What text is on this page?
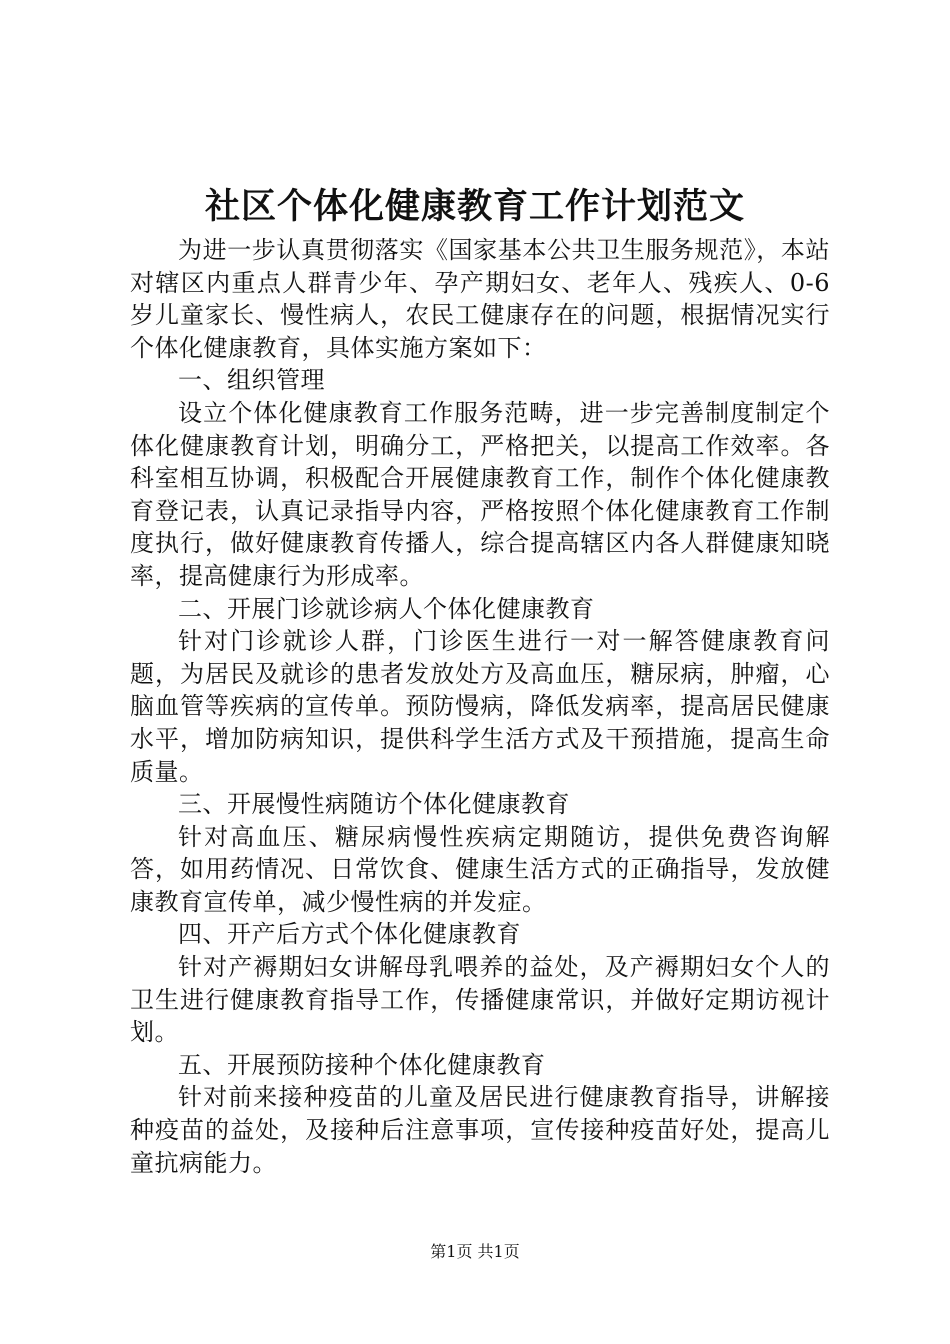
社区个体化健康教育工作计划范文

为进一步认真贯彻落实《国家基本公共卫生服务规范》，本站对辖区内重点人群青少年、孕产期妇女、老年人、残疾人、0-6岁儿童家长、慢性病人，农民工健康存在的问题，根据情况实行个体化健康教育，具体实施方案如下：

一、组织管理

设立个体化健康教育工作服务范畴，进一步完善制度制定个体化健康教育计划，明确分工，严格把关，以提高工作效率。各科室相互协调，积极配合开展健康教育工作，制作个体化健康教育登记表，认真记录指导内容，严格按照个体化健康教育工作制度执行，做好健康教育传播人，综合提高辖区内各人群健康知晓率，提高健康行为形成率。

二、开展门诊就诊病人个体化健康教育

针对门诊就诊人群，门诊医生进行一对一解答健康教育问题，为居民及就诊的患者发放处方及高血压，糖尿病，肿瘤，心脑血管等疾病的宣传单。预防慢病，降低发病率，提高居民健康水平，增加防病知识，提供科学生活方式及干预措施，提高生命质量。

三、开展慢性病随访个体化健康教育

针对高血压、糖尿病慢性疾病定期随访，提供免费咨询解答，如用药情况、日常饮食、健康生活方式的正确指导，发放健康教育宣传单，减少慢性病的并发症。

四、开产后方式个体化健康教育

针对产褥期妇女讲解母乳喂养的益处，及产褥期妇女个人的卫生进行健康教育指导工作，传播健康常识，并做好定期访视计划。

五、开展预防接种个体化健康教育

针对前来接种疫苗的儿童及居民进行健康教育指导，讲解接种疫苗的益处，及接种后注意事项，宣传接种疫苗好处，提高儿童抗病能力。

第1页 共1页
